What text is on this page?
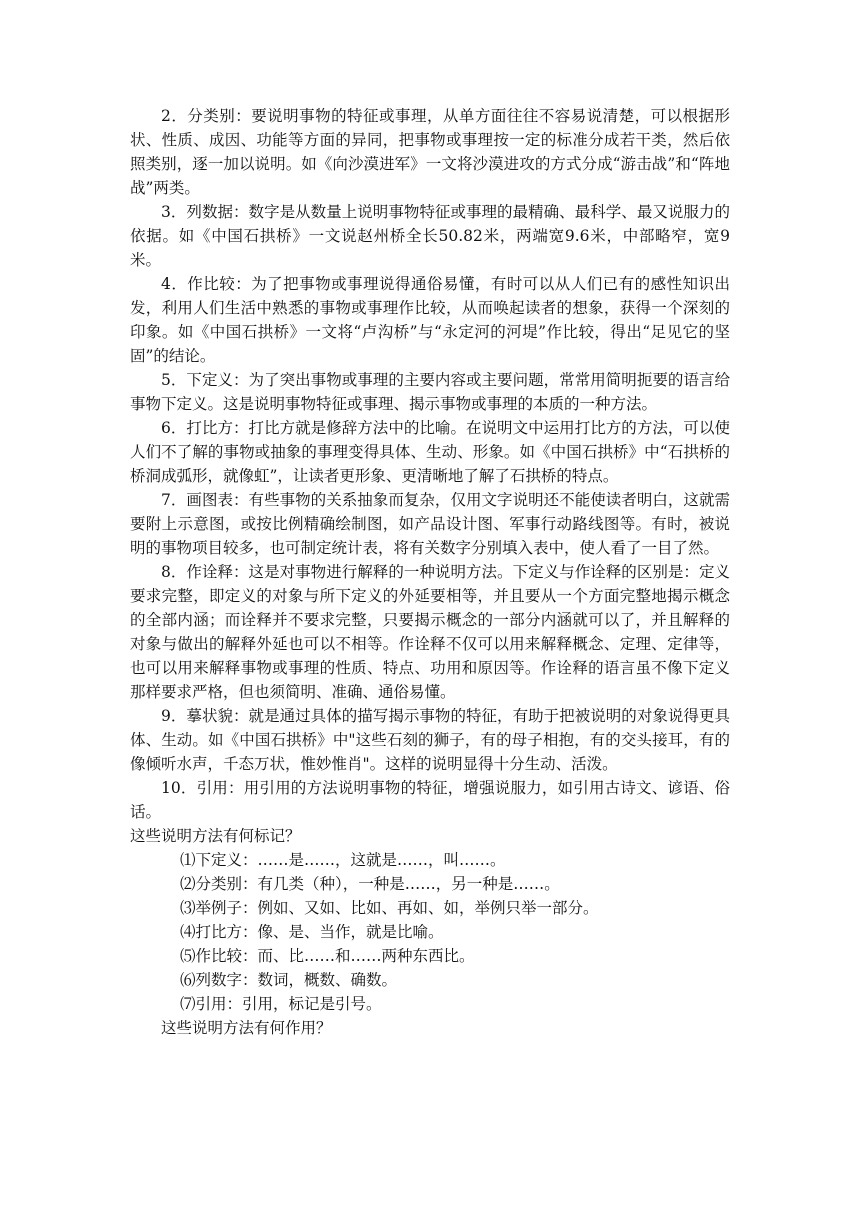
2．分类别：要说明事物的特征或事理，从单方面往往不容易说清楚，可以根据形状、性质、成因、功能等方面的异同，把事物或事理按一定的标准分成若干类，然后依照类别，逐一加以说明。如《向沙漠进军》一文将沙漠进攻的方式分成“游击战”和“阵地战”两类。

3．列数据：数字是从数量上说明事物特征或事理的最精确、最科学、最又说服力的依据。如《中国石拱桥》一文说赵州桥全长50.82米，两端宽9.6米，中部略窄，宽9米。

4．作比较：为了把事物或事理说得通俗易懂，有时可以从人们已有的感性知识出发，利用人们生活中熟悉的事物或事理作比较，从而唤起读者的想象，获得一个深刻的印象。如《中国石拱桥》一文将“卢沟桥”与“永定河的河堤”作比较，得出“足见它的坚固”的结论。

5．下定义：为了突出事物或事理的主要内容或主要问题，常常用简明扼要的语言给事物下定义。这是说明事物特征或事理、揭示事物或事理的本质的一种方法。

6．打比方：打比方就是修辞方法中的比喻。在说明文中运用打比方的方法，可以使人们不了解的事物或抽象的事理变得具体、生动、形象。如《中国石拱桥》中“石拱桥的桥洞成弧形，就像虹”，让读者更形象、更清晰地了解了石拱桥的特点。

7．画图表：有些事物的关系抽象而复杂，仅用文字说明还不能使读者明白，这就需要附上示意图，或按比例精确绘制图，如产品设计图、军事行动路线图等。有时，被说明的事物项目较多，也可制定统计表，将有关数字分别填入表中，使人看了一目了然。

8．作诠释：这是对事物进行解释的一种说明方法。下定义与作诠释的区别是：定义要求完整，即定义的对象与所下定义的外延要相等，并且要从一个方面完整地揭示概念的全部内涵；而诠释并不要求完整，只要揭示概念的一部分内涵就可以了，并且解释的对象与做出的解释外延也可以不相等。作诠释不仅可以用来解释概念、定理、定律等，也可以用来解释事物或事理的性质、特点、功用和原因等。作诠释的语言虽不像下定义那样要求严格，但也须简明、准确、通俗易懂。

9．摹状貌：就是通过具体的描写揭示事物的特征，有助于把被说明的对象说得更具体、生动。如《中国石拱桥》中"这些石刻的狮子，有的母子相抱，有的交头接耳，有的像倾听水声，千态万状，惟妙惟肖"。这样的说明显得十分生动、活泼。

10．引用：用引用的方法说明事物的特征，增强说服力，如引用古诗文、谚语、俗话。

这些说明方法有何标记？

⑴下定义：……是……，这就是……，叫……。
⑵分类别：有几类（种），一种是……，另一种是……。
⑶举例子：例如、又如、比如、再如、如，举例只举一部分。
⑷打比方：像、是、当作，就是比喻。
⑸作比较：而、比……和……两种东西比。
⑹列数字：数词，概数、确数。
⑺引用：引用，标记是引号。

这些说明方法有何作用？
